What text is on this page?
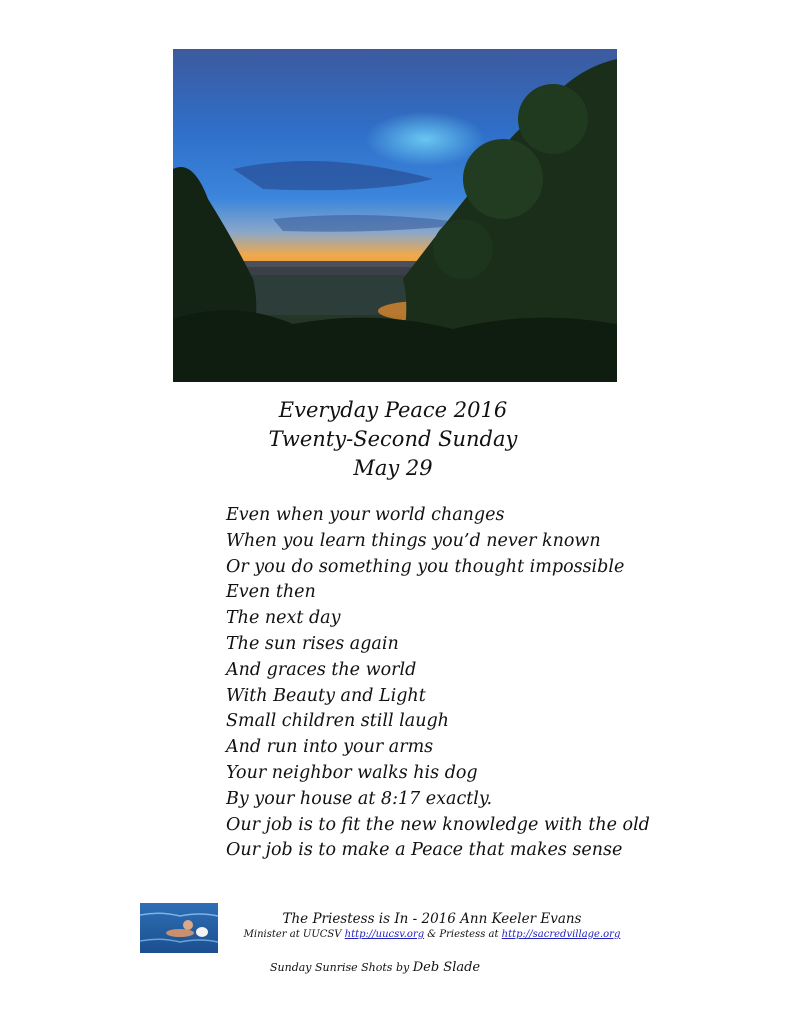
Everyday Peace 2016
Twenty-Second Sunday
May 29
Even when your world changes
When you learn things you’d never known
Or you do something you thought impossible
Even then
The next day
The sun rises again
And graces the world
With Beauty and Light
Small children still laugh
And run into your arms
Your neighbor walks his dog
By your house at 8:17 exactly.
Our job is to fit the new knowledge with the old
Our job is to make a Peace that makes sense
The Priestess is In - 2016 Ann Keeler Evans
Minister at UUCSV http://uucsv.org & Priestess at http://sacredvillage.org
Sunday Sunrise Shots by Deb Slade
